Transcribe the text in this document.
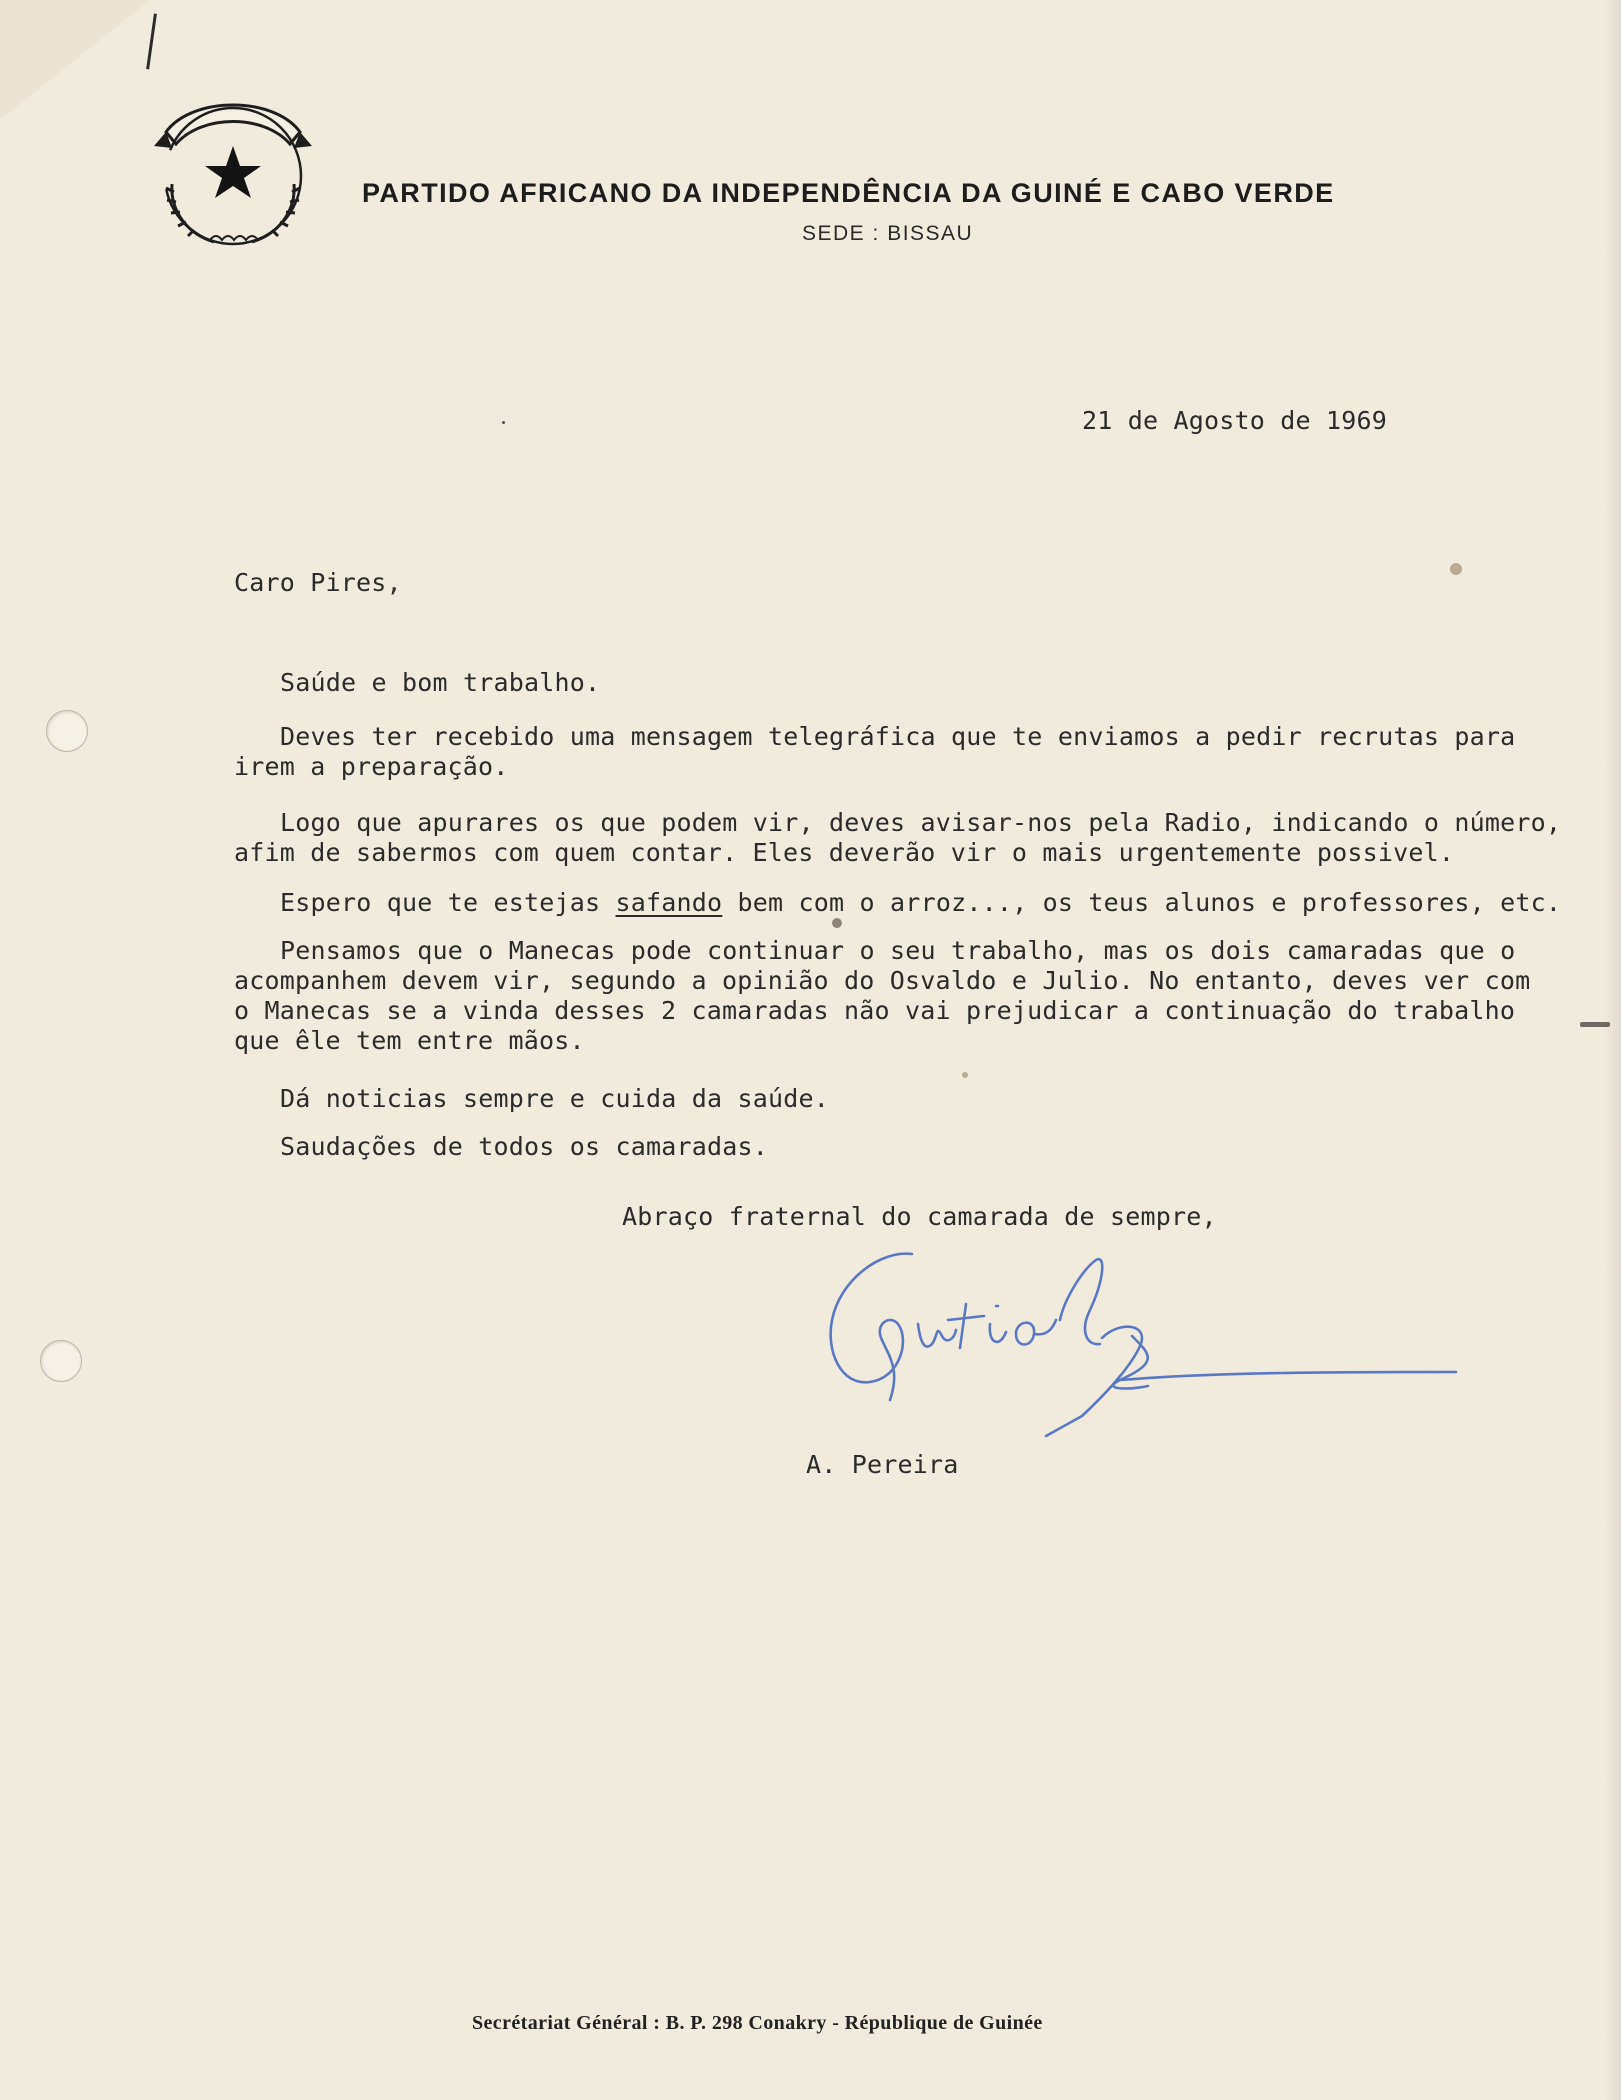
PARTIDO AFRICANO DA INDEPENDÊNCIA DA GUINÉ E CABO VERDE
SEDE : BISSAU
21 de Agosto de 1969
Caro Pires,
Saúde e bom trabalho.
Deves ter recebido uma mensagem telegráfica que te enviamos a pedir recrutas para
irem a preparação.
Logo que apurares os que podem vir, deves avisar-nos pela Radio, indicando o número,
afim de sabermos com quem contar. Eles deverão vir o mais urgentemente possivel.
Espero que te estejas safando bem com o arroz..., os teus alunos e professores, etc.
Pensamos que o Manecas pode continuar o seu trabalho, mas os dois camaradas que o
acompanhem devem vir, segundo a opinião do Osvaldo e Julio. No entanto, deves ver com
o Manecas se a vinda desses 2 camaradas não vai prejudicar a continuação do trabalho
que êle tem entre mãos.
Dá noticias sempre e cuida da saúde.
Saudações de todos os camaradas.
Abraço fraternal do camarada de sempre,
A. Pereira
Secrétariat Général : B. P. 298 Conakry - République de Guinée
